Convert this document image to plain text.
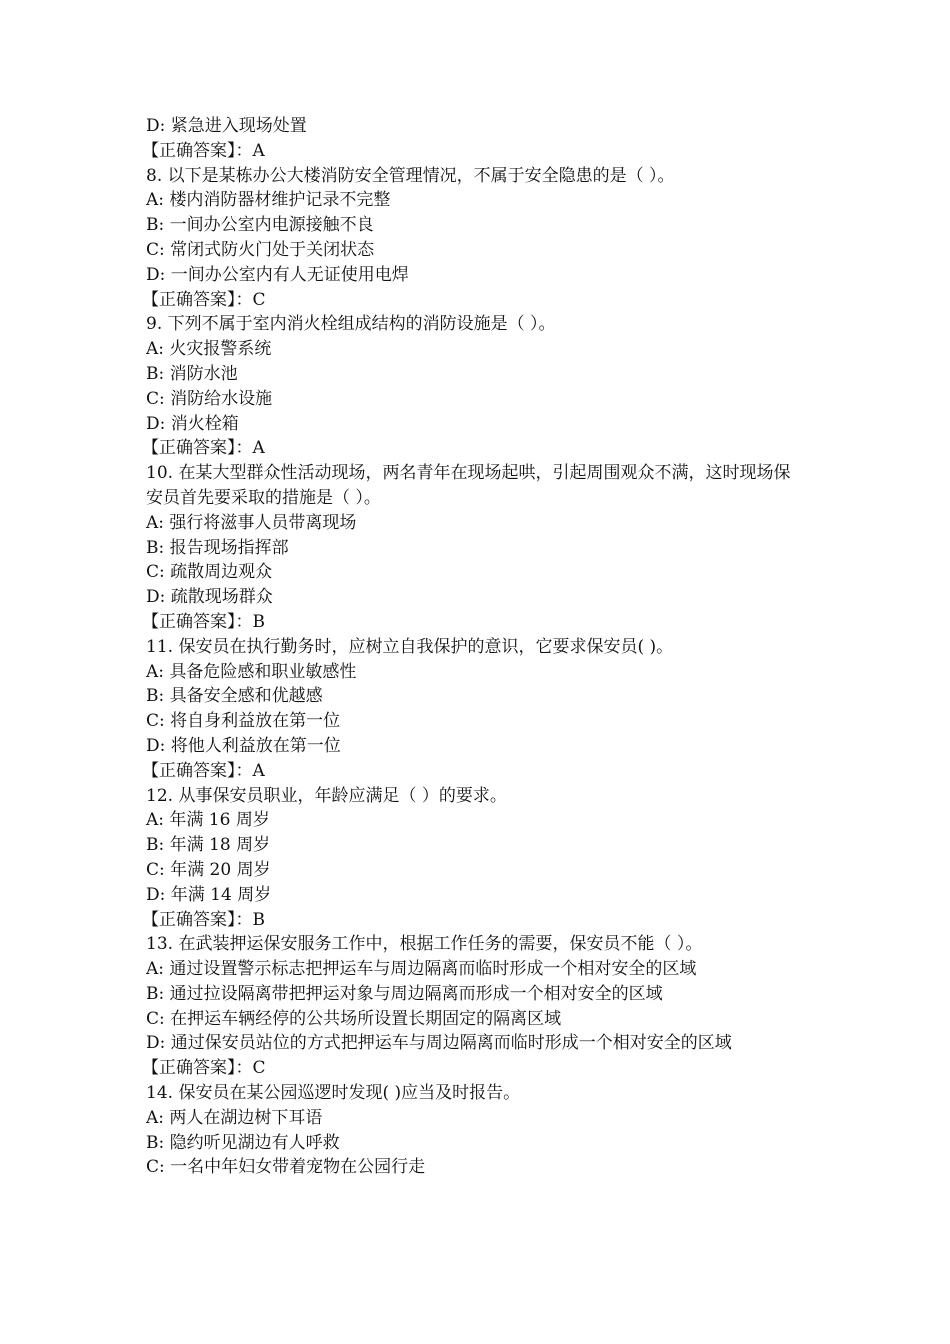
D: 紧急进入现场处置
【正确答案】：A
8. 以下是某栋办公大楼消防安全管理情况，不属于安全隐患的是（ ）。
A: 楼内消防器材维护记录不完整
B: 一间办公室内电源接触不良
C: 常闭式防火门处于关闭状态
D: 一间办公室内有人无证使用电焊
【正确答案】：C
9. 下列不属于室内消火栓组成结构的消防设施是（ ）。
A: 火灾报警系统
B: 消防水池
C: 消防给水设施
D: 消火栓箱
【正确答案】：A
10. 在某大型群众性活动现场，两名青年在现场起哄，引起周围观众不满，这时现场保安员首先要采取的措施是（ ）。
A: 强行将滋事人员带离现场
B: 报告现场指挥部
C: 疏散周边观众
D: 疏散现场群众
【正确答案】：B
11. 保安员在执行勤务时，应树立自我保护的意识，它要求保安员( )。
A: 具备危险感和职业敏感性
B: 具备安全感和优越感
C: 将自身利益放在第一位
D: 将他人利益放在第一位
【正确答案】：A
12. 从事保安员职业，年龄应满足（ ）的要求。
A: 年满 16 周岁
B: 年满 18 周岁
C: 年满 20 周岁
D: 年满 14 周岁
【正确答案】：B
13. 在武装押运保安服务工作中，根据工作任务的需要，保安员不能（ ）。
A: 通过设置警示标志把押运车与周边隔离而临时形成一个相对安全的区域
B: 通过拉设隔离带把押运对象与周边隔离而形成一个相对安全的区域
C: 在押运车辆经停的公共场所设置长期固定的隔离区域
D: 通过保安员站位的方式把押运车与周边隔离而临时形成一个相对安全的区域
【正确答案】：C
14. 保安员在某公园巡逻时发现( )应当及时报告。
A: 两人在湖边树下耳语
B: 隐约听见湖边有人呼救
C: 一名中年妇女带着宠物在公园行走
